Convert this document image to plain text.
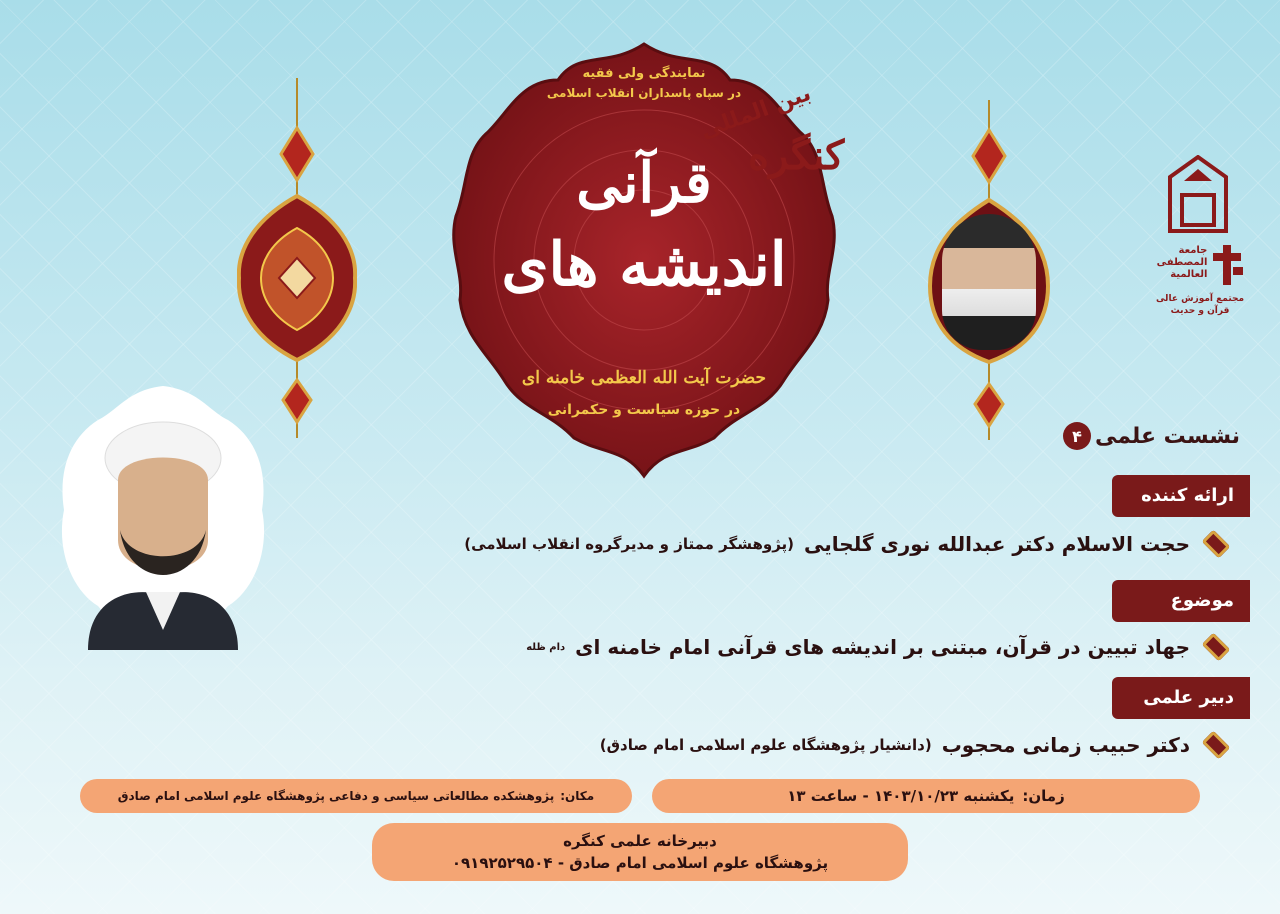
نمایندگی ولی فقیه
در سپاه پاسداران انقلاب اسلامی
بین المللی
کنگره
قرآنی
اندیشه های
حضرت آیت الله العظمی خامنه ای
در حوزه سیاست و حکمرانی
جامعة
المصطفی
العالمیة
مجتمع آموزش عالی قرآن و حدیث
نشست علمی
۴
ارائه کننده
حجت الاسلام دکتر عبدالله نوری گلجایی
(پژوهشگر ممتاز و مدیرگروه انقلاب اسلامی)
موضوع
جهاد تبیین در قرآن، مبتنی بر اندیشه های قرآنی امام خامنه ای
دام ظله
دبیر علمی
دکتر حبیب زمانی محجوب
(دانشیار پژوهشگاه علوم اسلامی امام صادق)
زمان:
یکشنبه ۱۴۰۳/۱۰/۲۳ - ساعت ۱۳
مکان:
پژوهشکده مطالعاتی سیاسی و دفاعی پژوهشگاه علوم اسلامی امام صادق
دبیرخانه علمی کنگره
پژوهشگاه علوم اسلامی امام صادق - ۰۹۱۹۲۵۲۹۵۰۴
